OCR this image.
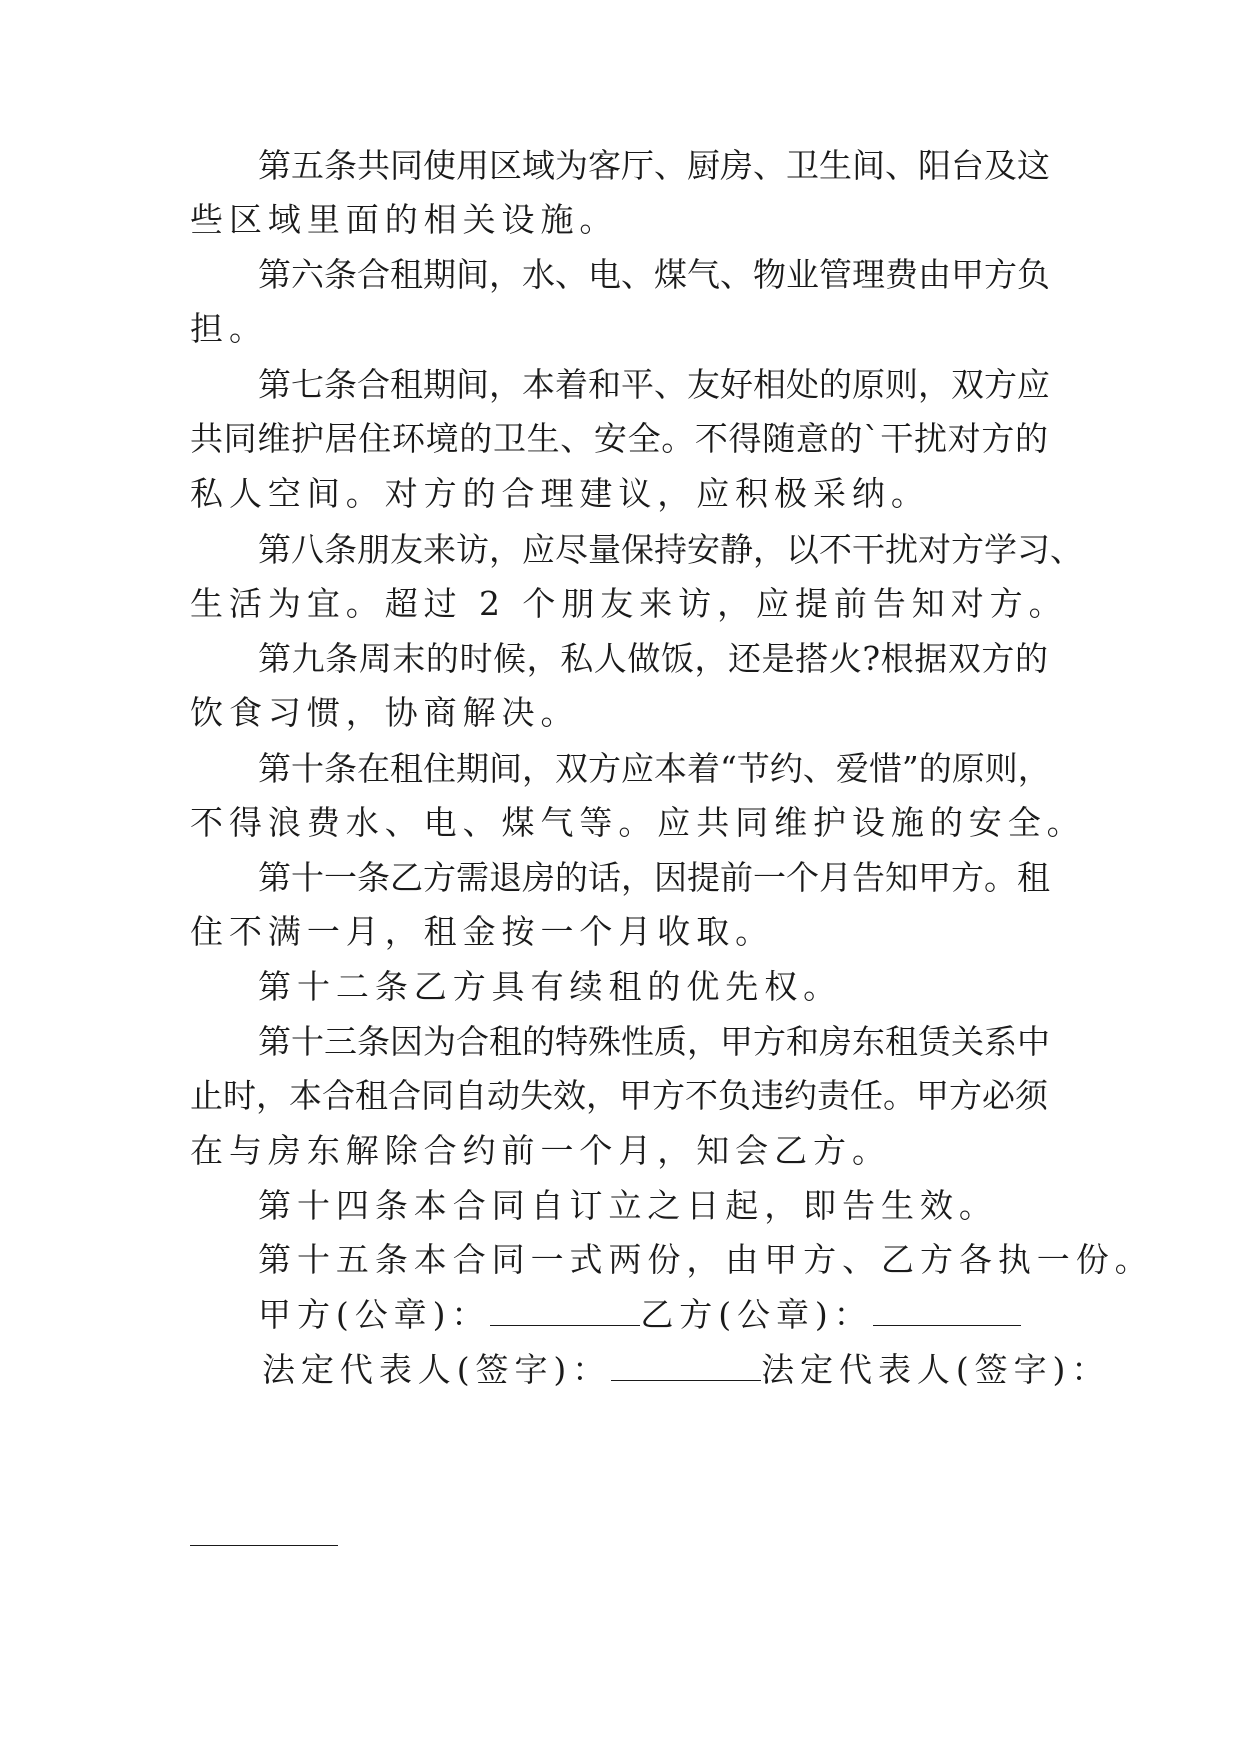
第五条共同使用区域为客厅、厨房、卫生间、阳台及这
些区域里面的相关设施。
第六条合租期间，水、电、煤气、物业管理费由甲方负
担。
第七条合租期间，本着和平、友好相处的原则，双方应
共同维护居住环境的卫生、安全。不得随意的`干扰对方的
私人空间。对方的合理建议，应积极采纳。
第八条朋友来访，应尽量保持安静，以不干扰对方学习、
生活为宜。超过 2 个朋友来访，应提前告知对方。
第九条周末的时候，私人做饭，还是搭火?根据双方的
饮食习惯，协商解决。
第十条在租住期间，双方应本着“节约、爱惜”的原则，
不得浪费水、电、煤气等。应共同维护设施的安全。
第十一条乙方需退房的话，因提前一个月告知甲方。租
住不满一月，租金按一个月收取。
第十二条乙方具有续租的优先权。
第十三条因为合租的特殊性质，甲方和房东租赁关系中
止时，本合租合同自动失效，甲方不负违约责任。甲方必须
在与房东解除合约前一个月，知会乙方。
第十四条本合同自订立之日起，即告生效。
第十五条本合同一式两份，由甲方、乙方各执一份。
甲方(公章)：	乙方(公章)：
法定代表人(签字)：	法定代表人(签字)：
